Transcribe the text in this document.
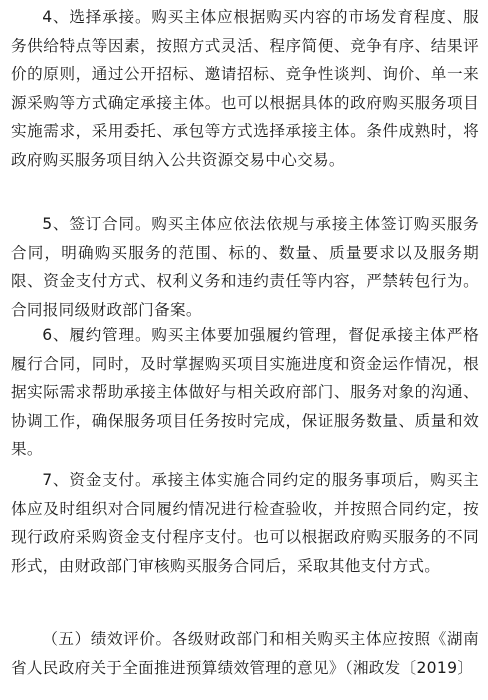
4、选择承接。购买主体应根据购买内容的市场发育程度、服务供给特点等因素，按照方式灵活、程序简便、竞争有序、结果评价的原则，通过公开招标、邀请招标、竞争性谈判、询价、单一来源采购等方式确定承接主体。也可以根据具体的政府购买服务项目实施需求，采用委托、承包等方式选择承接主体。条件成熟时，将政府购买服务项目纳入公共资源交易中心交易。

5、签订合同。购买主体应依法依规与承接主体签订购买服务合同，明确购买服务的范围、标的、数量、质量要求以及服务期限、资金支付方式、权利义务和违约责任等内容，严禁转包行为。合同报同级财政部门备案。

6、履约管理。购买主体要加强履约管理，督促承接主体严格履行合同，同时，及时掌握购买项目实施进度和资金运作情况，根据实际需求帮助承接主体做好与相关政府部门、服务对象的沟通、协调工作，确保服务项目任务按时完成，保证服务数量、质量和效果。

7、资金支付。承接主体实施合同约定的服务事项后，购买主体应及时组织对合同履约情况进行检查验收，并按照合同约定，按现行政府采购资金支付程序支付。也可以根据政府购买服务的不同形式，由财政部门审核购买服务合同后，采取其他支付方式。

（五）绩效评价。各级财政部门和相关购买主体应按照《湖南省人民政府关于全面推进预算绩效管理的意见》（湘政发〔2019〕
